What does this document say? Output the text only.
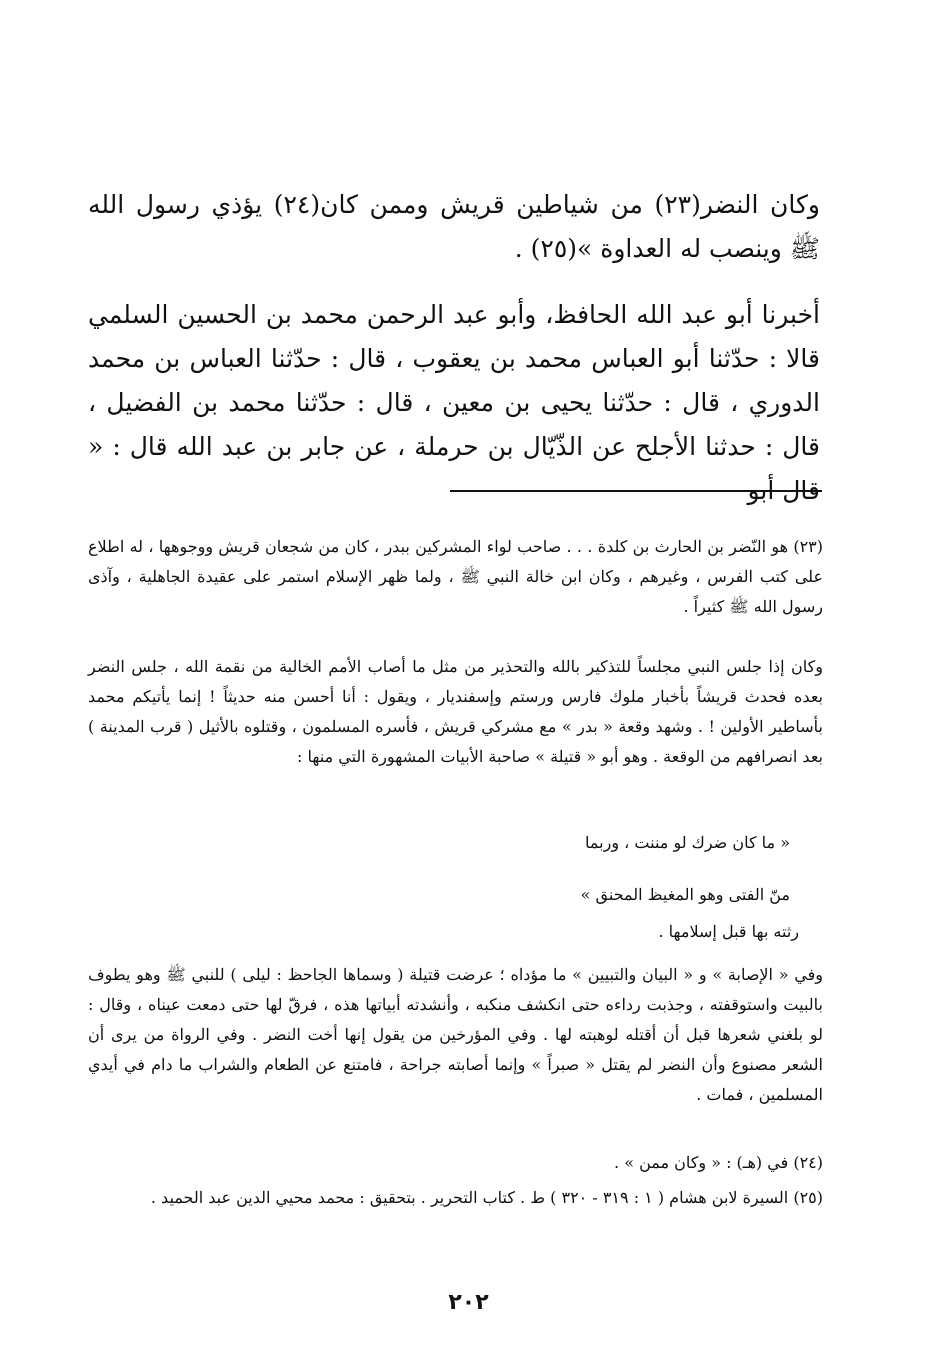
وكان النضر(٢٣) من شياطين قريش وممن كان(٢٤) يؤذي رسول الله ﷺ وينصب له العداوة »(٢٥) .

أخبرنا أبو عبد الله الحافظ، وأبو عبد الرحمن محمد بن الحسين السلمي قالا : حدّثنا أبو العباس محمد بن يعقوب ، قال : حدّثنا العباس بن محمد الدوري ، قال : حدّثنا يحيى بن معين ، قال : حدّثنا محمد بن الفضيل ، قال : حدثنا الأجلح عن الذّيّال بن حرملة ، عن جابر بن عبد الله قال : « قال أبو

(٢٣) هو النّضر بن الحارث بن كلدة . . . صاحب لواء المشركين ببدر ، كان من شجعان قريش ووجوهها ، له اطلاع على كتب الفرس ، وغيرهم ، وكان ابن خالة النبي ﷺ ، ولما ظهر الإسلام استمر على عقيدة الجاهلية ، وآذى رسول الله ﷺ كثيراً .

وكان إذا جلس النبي مجلساً للتذكير بالله والتحذير من مثل ما أصاب الأمم الخالية من نقمة الله ، جلس النضر بعده فحدث قريشاً بأخبار ملوك فارس ورستم وإسفنديار ، ويقول : أنا أحسن منه حديثاً ! إنما يأتيكم محمد بأساطير الأولين ! . وشهد وقعة « بدر » مع مشركي قريش ، فأسره المسلمون ، وقتلوه بالأثيل ( قرب المدينة ) بعد انصرافهم من الوقعة . وهو أبو « قتيلة » صاحبة الأبيات المشهورة التي منها :

« ما كان ضرك لو مننت ، وربما
منّ الفتى وهو المغيظ المحنق »

رثته بها قبل إسلامها .

وفي « الإصابة » و « البيان والتبيين » ما مؤداه ؛ عرضت قتيلة ( وسماها الجاحظ : ليلى ) للنبي ﷺ وهو يطوف بالبيت واستوقفته ، وجذبت رداءه حتى انكشف منكبه ، وأنشدته أبياتها هذه ، فرقّ لها حتى دمعت عيناه ، وقال : لو بلغني شعرها قبل أن أقتله لوهبته لها . وفي المؤرخين من يقول إنها أخت النضر . وفي الرواة من يرى أن الشعر مصنوع وأن النضر لم يقتل « صبراً » وإنما أصابته جراحة ، فامتنع عن الطعام والشراب ما دام في أيدي المسلمين ، فمات .

(٢٤) في (هـ) : « وكان ممن » .

(٢٥) السيرة لابن هشام ( ١ : ٣١٩ - ٣٢٠ ) ط . كتاب التحرير . بتحقيق : محمد محيي الدين عبد الحميد .

٢٠٢
